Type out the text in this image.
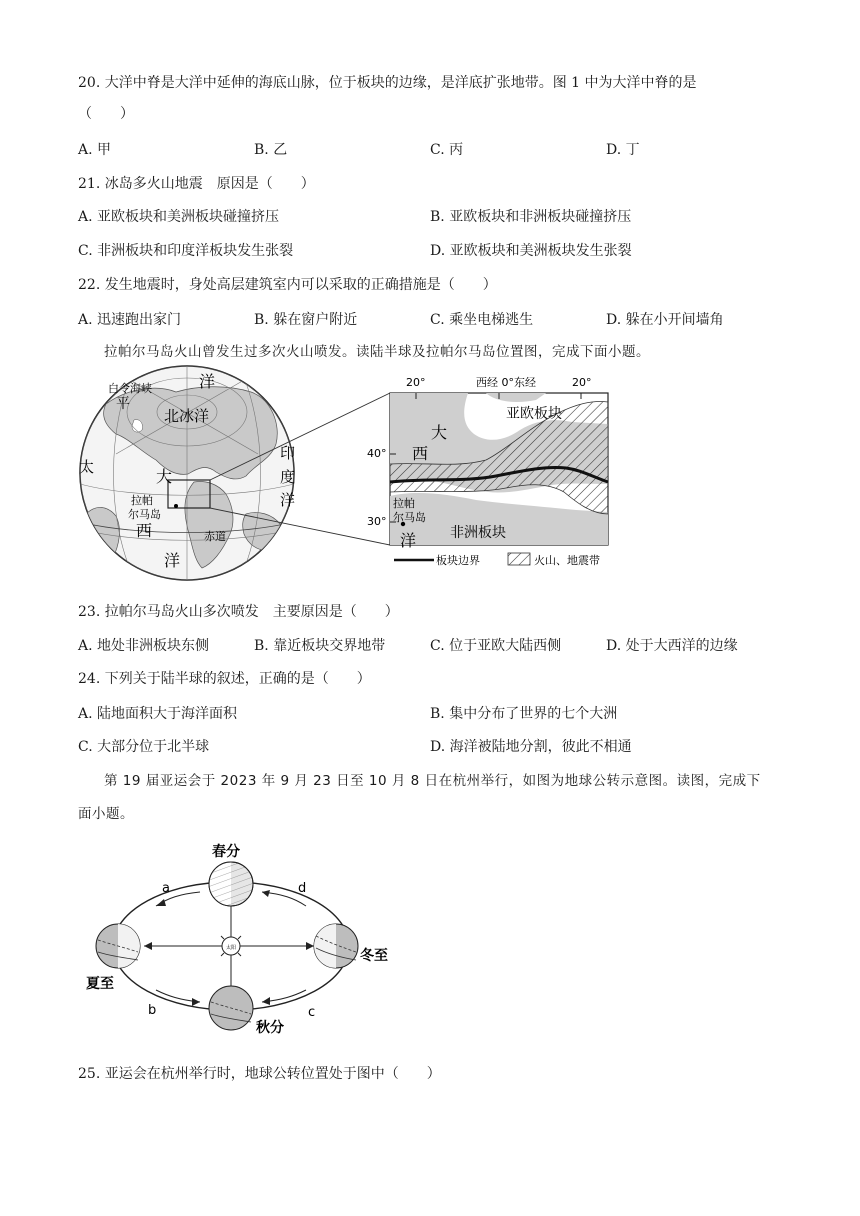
20. 大洋中脊是大洋中延伸的海底山脉，位于板块的边缘，是洋底扩张地带。图 1 中为大洋中脊的是
（　　）
A. 甲	B. 乙	C. 丙	D. 丁
21. 冰岛多火山地震　原因是（　　）
A. 亚欧板块和美洲板块碰撞挤压	B. 亚欧板块和非洲板块碰撞挤压
C. 非洲板块和印度洋板块发生张裂	D. 亚欧板块和美洲板块发生张裂
22. 发生地震时，身处高层建筑室内可以采取的正确措施是（　　）
A. 迅速跑出家门	B. 躲在窗户附近	C. 乘坐电梯逃生	D. 躲在小开间墙角
拉帕尔马岛火山曾发生过多次火山喷发。读陆半球及拉帕尔马岛位置图，完成下面小题。
白令海峡	洋
平
北冰洋
大
太
印
度
洋
拉帕
尔马岛
西	赤道
洋
20°	西经 0°东经	20°
40°
30°
大
西
亚欧板块
拉帕
尔马岛
非洲板块
洋
板块边界	火山、地震带
23. 拉帕尔马岛火山多次喷发　主要原因是（　　）
A. 地处非洲板块东侧	B. 靠近板块交界地带	C. 位于亚欧大陆西侧	D. 处于大西洋的边缘
24. 下列关于陆半球的叙述，正确的是（　　）
A. 陆地面积大于海洋面积	B. 集中分布了世界的七个大洲
C. 大部分位于北半球	D. 海洋被陆地分割，彼此不相通
第 19 届亚运会于 2023 年 9 月 23 日至 10 月 8 日在杭州举行，如图为地球公转示意图。读图，完成下
面小题。
太阳
春分
冬至
夏至
秋分
a	d
b	c
25. 亚运会在杭州举行时，地球公转位置处于图中（　　）
